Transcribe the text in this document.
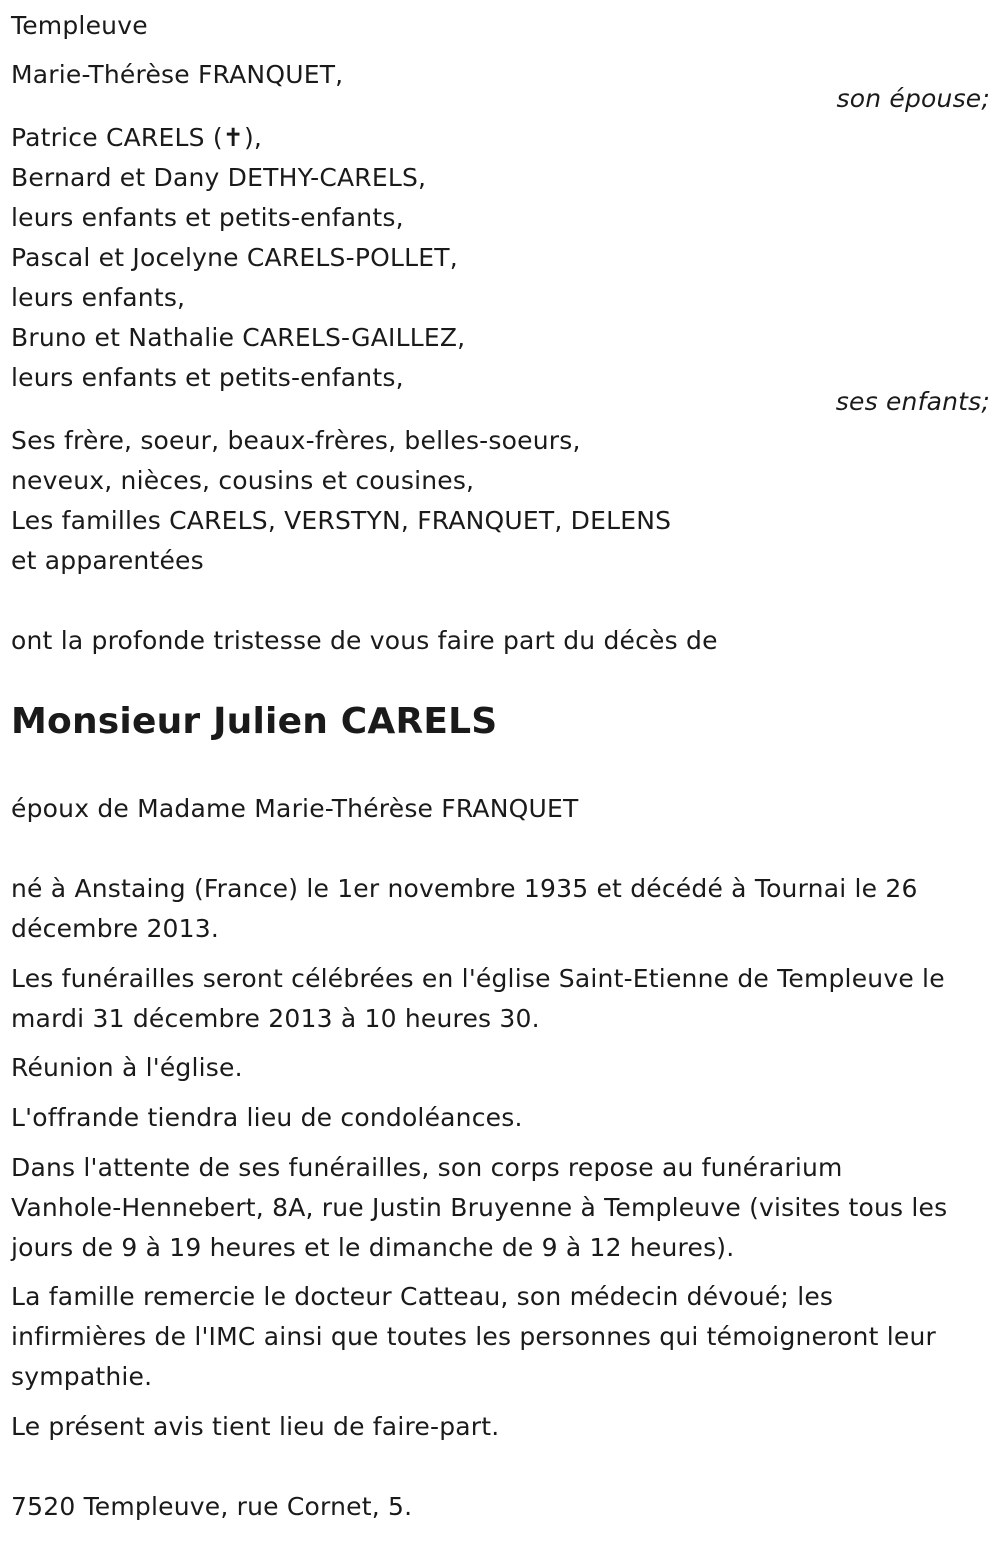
Templeuve
Marie-Thérèse FRANQUET,
son épouse;
Patrice CARELS (✝),
Bernard et Dany DETHY-CARELS,
leurs enfants et petits-enfants,
Pascal et Jocelyne CARELS-POLLET,
leurs enfants,
Bruno et Nathalie CARELS-GAILLEZ,
leurs enfants et petits-enfants,
ses enfants;
Ses frère, soeur, beaux-frères, belles-soeurs,
neveux, nièces, cousins et cousines,
Les familles CARELS, VERSTYN, FRANQUET, DELENS
et apparentées
ont la profonde tristesse de vous faire part du décès de
Monsieur Julien CARELS
époux de Madame Marie-Thérèse FRANQUET
né à Anstaing (France) le 1er novembre 1935 et décédé à Tournai le 26
décembre 2013.
Les funérailles seront célébrées en l'église Saint-Etienne de Templeuve le
mardi 31 décembre 2013 à 10 heures 30.
Réunion à l'église.
L'offrande tiendra lieu de condoléances.
Dans l'attente de ses funérailles, son corps repose au funérarium
Vanhole-Hennebert, 8A, rue Justin Bruyenne à Templeuve (visites tous les
jours de 9 à 19 heures et le dimanche de 9 à 12 heures).
La famille remercie le docteur Catteau, son médecin dévoué; les
infirmières de l'IMC ainsi que toutes les personnes qui témoigneront leur
sympathie.
Le présent avis tient lieu de faire-part.
7520 Templeuve, rue Cornet, 5.
